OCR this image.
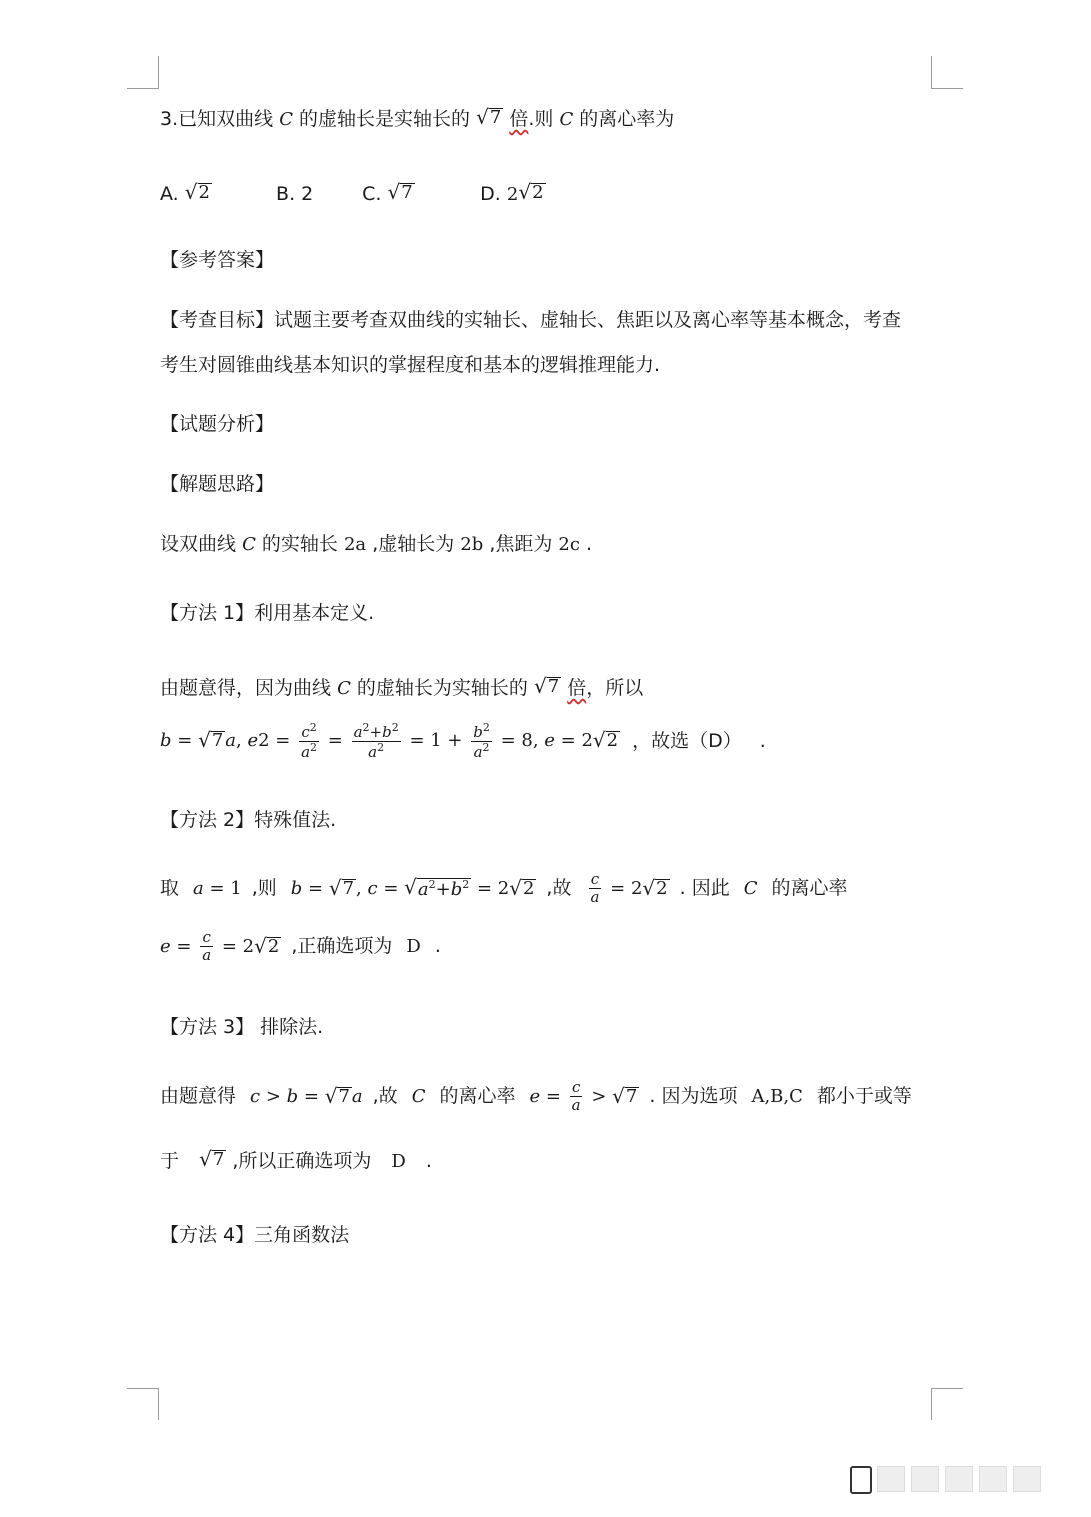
3.已知双曲线 C 的虚轴长是实轴长的 √ 7 倍.则 C 的离心率为
A. √ 2	B. 2	C. √ 7	D. 2 √ 2
【参考答案】
【考查目标】试题主要考查双曲线的实轴长、虚轴长、焦距以及离心率等基本概念，考查
考生对圆锥曲线基本知识的掌握程度和基本的逻辑推理能力.
【试题分析】
【解题思路】
设双曲线 C 的实轴长 2a ,虚轴长为 2b ,焦距为 2c .
【方法 1】利用基本定义.
由题意得，因为曲线 C 的虚轴长为实轴长的 √ 7 倍，所以
b = √ 7 a , e $2 = \frac{c^2}{a^2} = \frac{a^2+b^2}{a^2} = 1 + \frac{b^2}{a^2} = 8$, e = 2 √ 2 ，故选（D） .
【方法 2】特殊值法.
取 a = 1 ,则 b = √ 7 , c = √ $a^2+b^2 = 2$ √ 2 ,故 $\frac{c}{a} = 2$ √ 2 . 因此 C 的离心率
$e = \frac{c}{a} = 2$ √ 2 ,正确选项为 D .
【方法 3】 排除法.
由题意得 c > b = √ 7 a ,故 C 的离心率 $e = \frac{c}{a}$ > √ 7 . 因为选项 A,B,C 都小于或等
于 √ 7 ,所以正确选项为 D .
【方法 4】三角函数法
